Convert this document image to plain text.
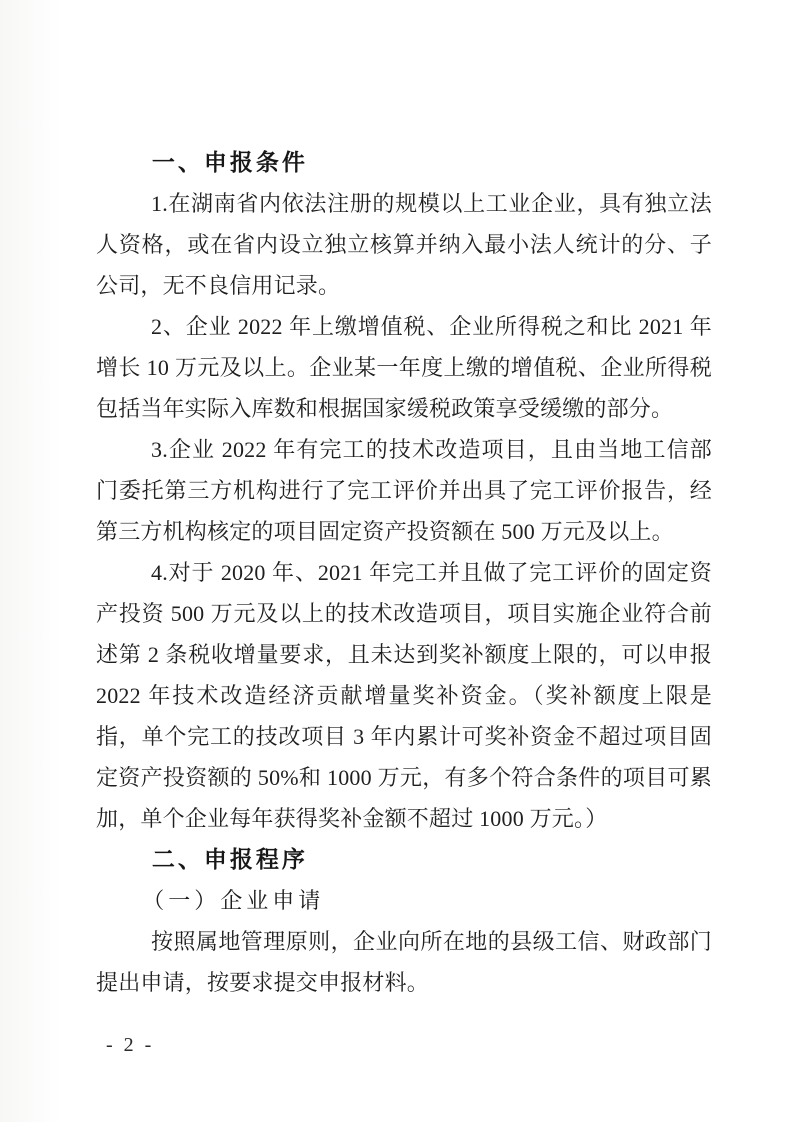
一、申报条件

1.在湖南省内依法注册的规模以上工业企业，具有独立法人资格，或在省内设立独立核算并纳入最小法人统计的分、子公司，无不良信用记录。

2、企业 2022 年上缴增值税、企业所得税之和比 2021 年增长 10 万元及以上。企业某一年度上缴的增值税、企业所得税包括当年实际入库数和根据国家缓税政策享受缓缴的部分。

3.企业 2022 年有完工的技术改造项目，且由当地工信部门委托第三方机构进行了完工评价并出具了完工评价报告，经第三方机构核定的项目固定资产投资额在 500 万元及以上。

4.对于 2020 年、2021 年完工并且做了完工评价的固定资产投资 500 万元及以上的技术改造项目，项目实施企业符合前述第 2 条税收增量要求，且未达到奖补额度上限的，可以申报 2022 年技术改造经济贡献增量奖补资金。（奖补额度上限是指，单个完工的技改项目 3 年内累计可奖补资金不超过项目固定资产投资额的 50%和 1000 万元，有多个符合条件的项目可累加，单个企业每年获得奖补金额不超过 1000 万元。）

二、申报程序
（一）企业申请

按照属地管理原则，企业向所在地的县级工信、财政部门提出申请，按要求提交申报材料。

- 2 -
